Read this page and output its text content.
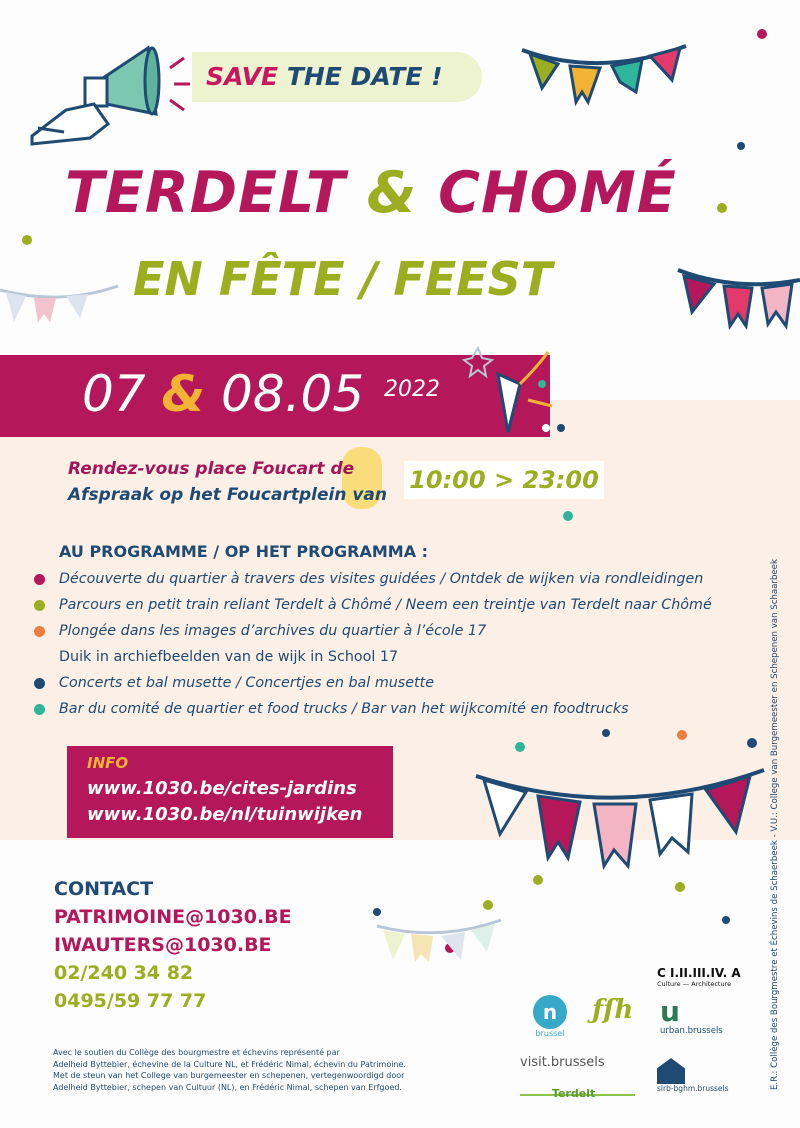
SAVE THE DATE !
TERDELT & CHOMÉ
EN FÊTE / FEEST
07 & 08.05 2022
Rendez-vous place Foucart de
Afspraak op het Foucartplein van
10:00 > 23:00
AU PROGRAMME / OP HET PROGRAMMA :
Découverte du quartier à travers des visites guidées / Ontdek de wijken via rondleidingen
Parcours en petit train reliant Terdelt à Chômé / Neem een treintje van Terdelt naar Chômé
Plongée dans les images d’archives du quartier à l’école 17
Duik in archiefbeelden van de wijk in School 17
Concerts et bal musette / Concertjes en bal musette
Bar du comité de quartier et food trucks / Bar van het wijkcomité en foodtrucks
INFO
www.1030.be/cites-jardins
www.1030.be/nl/tuinwijken
CONTACT
PATRIMOINE@1030.BE
IWAUTERS@1030.BE
02/240 34 82
0495/59 77 77
Avec le soutien du Collège des bourgmestre et échevins représenté par
Adelheid Byttebier, échevine de la Culture NL, et Frédéric Nimal, échevin du Patrimoine.
Met de steun van het College van burgemeester en schepenen, vertegenwoordigd door
Adelheid Byttebier, schepen van Cultuur (NL), en Frédéric Nimal, schepen van Erfgoed.
C I.II.III.IV. A
Culture — Architecture
n
brussel
ƒſh u
urban.brussels
visit.brussels
Terdelt	slrb-bghm.brussels	E.R.: Collège des Bourgmestre et Échevins de Schaerbeek - V.U.: College van Burgemeester en Schepenen van Schaarbeek
